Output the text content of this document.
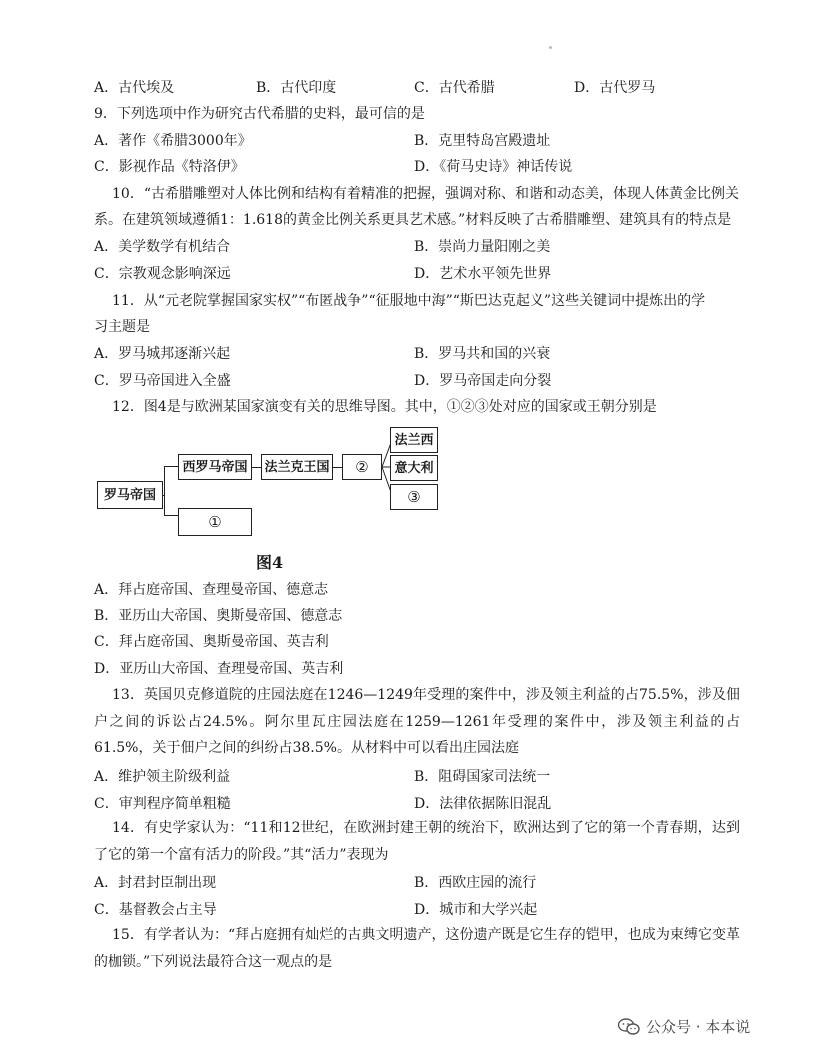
A．古代埃及	B．古代印度	C．古代希腊	D．古代罗马
9．下列选项中作为研究古代希腊的史料，最可信的是
A．著作《希腊3000年》	B．克里特岛宫殿遗址
C．影视作品《特洛伊》	D．《荷马史诗》神话传说
10．“古希腊雕塑对人体比例和结构有着精准的把握，强调对称、和谐和动态美，体现人体黄金比例关
系。在建筑领域遵循1：1.618的黄金比例关系更具艺术感。”材料反映了古希腊雕塑、建筑具有的特点是
A．美学数学有机结合	B．崇尚力量阳刚之美
C．宗教观念影响深远	D．艺术水平领先世界
11．从“元老院掌握国家实权”“布匿战争”“征服地中海”“斯巴达克起义”这些关键词中提炼出的学
习主题是
A．罗马城邦逐渐兴起	B．罗马共和国的兴衰
C．罗马帝国进入全盛	D．罗马帝国走向分裂
12．图4是与欧洲某国家演变有关的思维导图。其中，①②③处对应的国家或王朝分别是
罗马帝国
西罗马帝国	法兰克王国	②
①
法兰西
意大利
③
图4
A．拜占庭帝国、查理曼帝国、德意志
B．亚历山大帝国、奥斯曼帝国、德意志
C．拜占庭帝国、奥斯曼帝国、英吉利
D．亚历山大帝国、查理曼帝国、英吉利
13．英国贝克修道院的庄园法庭在1246—1249年受理的案件中，涉及领主利益的占75.5%，涉及佃户之间的诉讼占24.5%。阿尔里瓦庄园法庭在1259—1261年受理的案件中，涉及领主利益的占61.5%，关于佃户之间的纠纷占38.5%。从材料中可以看出庄园法庭
A．维护领主阶级利益	B．阻碍国家司法统一
C．审判程序简单粗糙	D．法律依据陈旧混乱
14．有史学家认为：“11和12世纪，在欧洲封建王朝的统治下，欧洲达到了它的第一个青春期，达到了它的第一个富有活力的阶段。”其“活力”表现为
A．封君封臣制出现	B．西欧庄园的流行
C．基督教会占主导	D．城市和大学兴起
15．有学者认为：“拜占庭拥有灿烂的古典文明遗产，这份遗产既是它生存的铠甲，也成为束缚它变革的枷锁。”下列说法最符合这一观点的是
公众号 · 本本说
